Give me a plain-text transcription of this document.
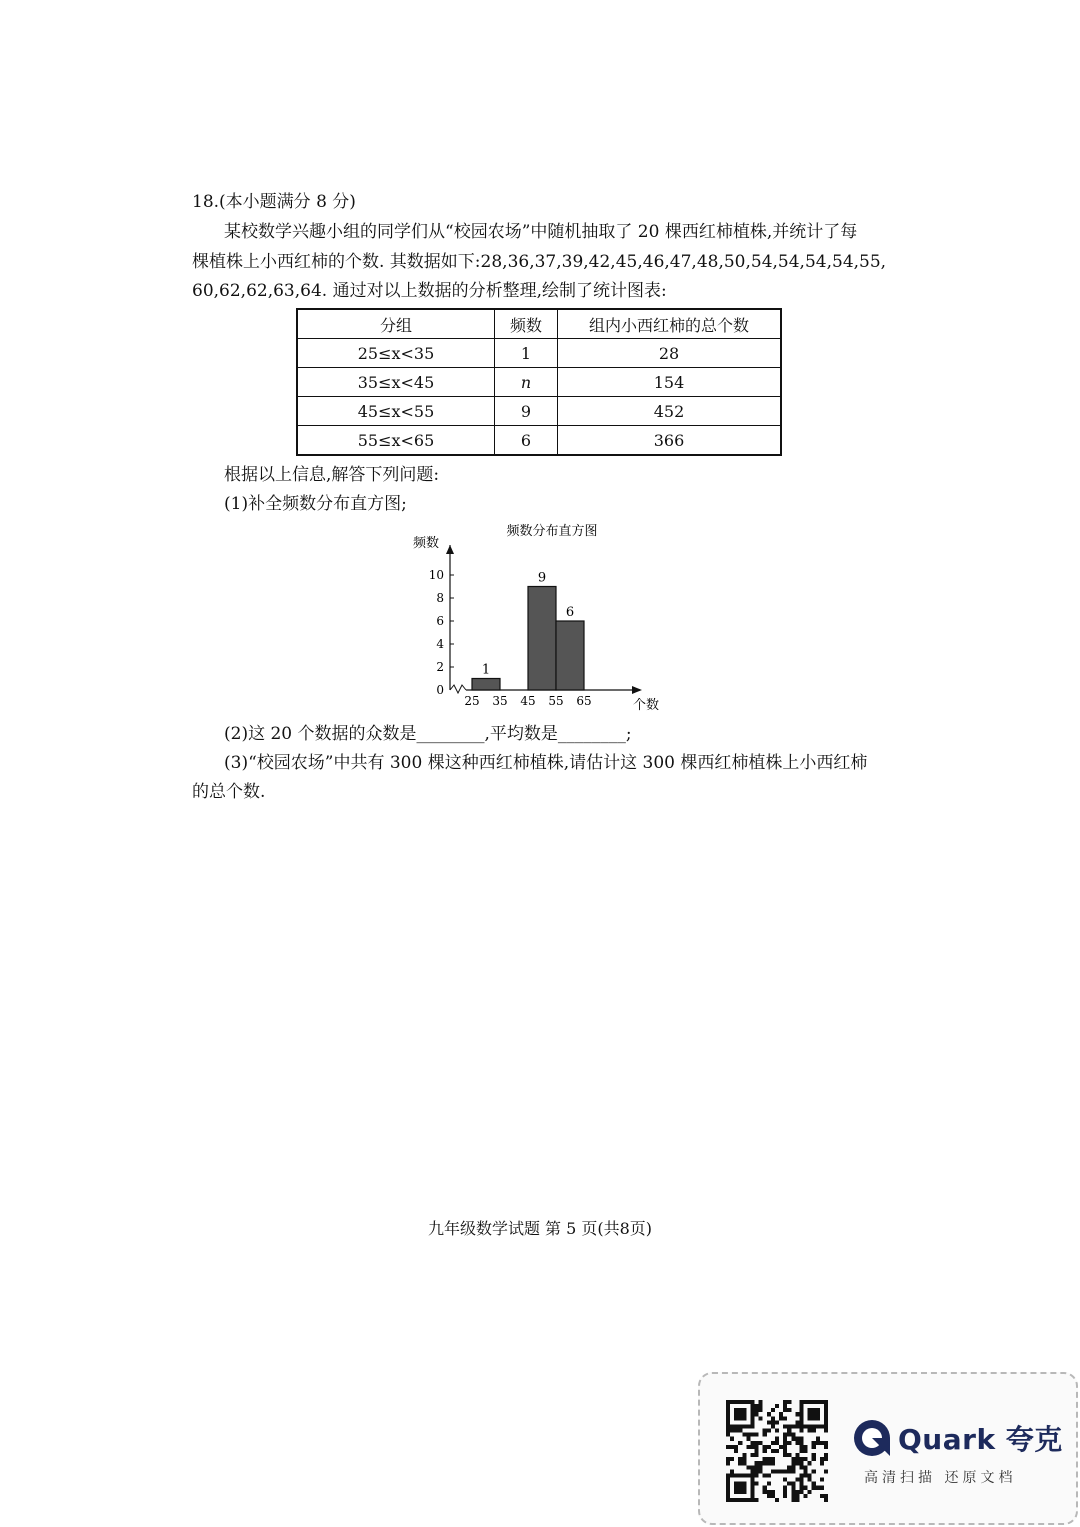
18.(本小题满分 8 分)
某校数学兴趣小组的同学们从“校园农场”中随机抽取了 20 棵西红柿植株,并统计了每
棵植株上小西红柿的个数. 其数据如下:28,36,37,39,42,45,46,47,48,50,54,54,54,54,55,
60,62,62,63,64. 通过对以上数据的分析整理,绘制了统计图表:
分组	频数	组内小西红柿的总个数
25≤x<35	1	28
35≤x<45	n	154
45≤x<55	9	452
55≤x<65	6	366
根据以上信息,解答下列问题:
(1)补全频数分布直方图;
频数分布直方图
频数
个数
0
2
4
6
8
10
25 35 45 55 65
1
9
6
(2)这 20 个数据的众数是________,平均数是________;
(3)“校园农场”中共有 300 棵这种西红柿植株,请估计这 300 棵西红柿植株上小西红柿
的总个数.
九年级数学试题 第 5 页(共8页)
Quark 夸克
高清扫描 还原文档
